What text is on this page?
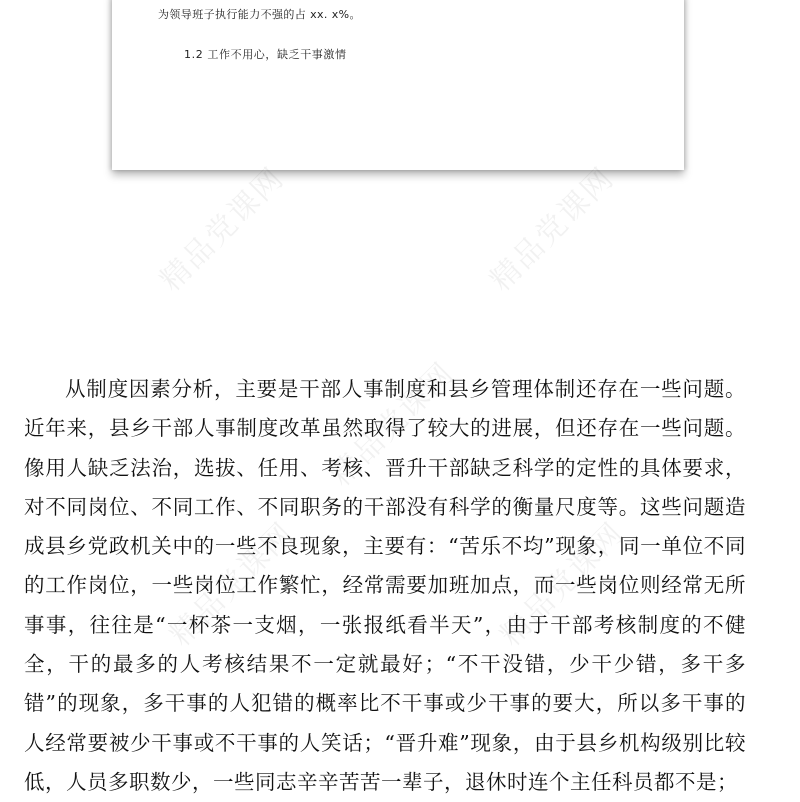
为领导班子执行能力不强的占 xx. x%。
1.2 工作不用心，缺乏干事激情
精品党课网	精品党课网
精品党课网
精品党课网	精品党课网

从制度因素分析，主要是干部人事制度和县乡管理体制还存在一些问题。近年来，县乡干部人事制度改革虽然取得了较大的进展，但还存在一些问题。像用人缺乏法治，选拔、任用、考核、晋升干部缺乏科学的定性的具体要求，对不同岗位、不同工作、不同职务的干部没有科学的衡量尺度等。这些问题造成县乡党政机关中的一些不良现象，主要有：“苦乐不均”现象，同一单位不同的工作岗位，一些岗位工作繁忙，经常需要加班加点，而一些岗位则经常无所事事，往往是“一杯茶一支烟，一张报纸看半天”，由于干部考核制度的不健全，干的最多的人考核结果不一定就最好；“不干没错，少干少错，多干多错”的现象，多干事的人犯错的概率比不干事或少干事的要大，所以多干事的人经常要被少干事或不干事的人笑话；“晋升难”现象，由于县乡机构级别比较低，人员多职数少，一些同志辛辛苦苦一辈子，退休时连个主任科员都不是；
